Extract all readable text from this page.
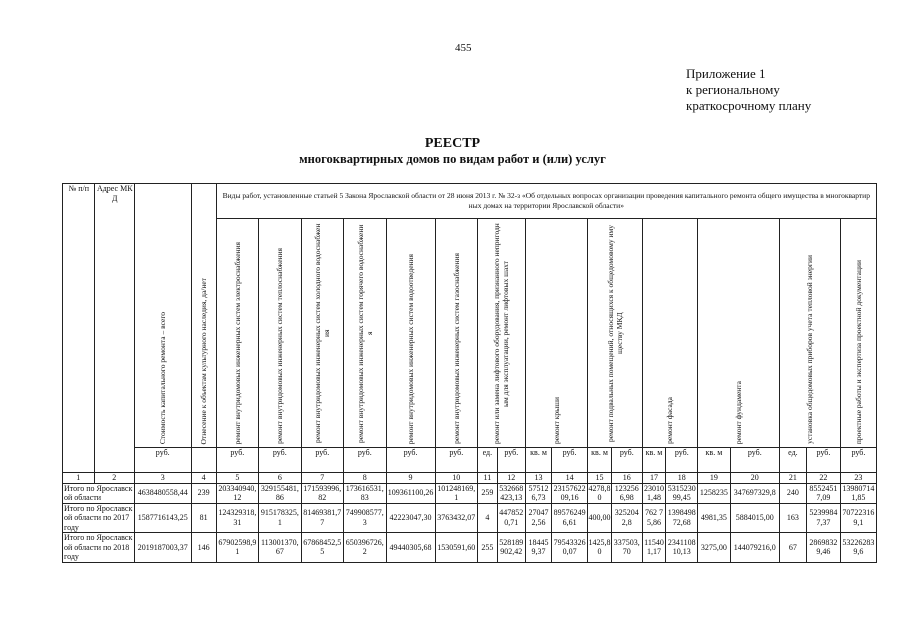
455
Приложение 1
к региональному
краткосрочному плану
РЕЕСТР
многоквартирных домов по видам работ и (или) услуг
№ п/п	Адрес МКД	Стоимость капитального ремонта – всего	Отнесение к объектам культурного наследия, да/нет	Виды работ, установленные статьей 5 Закона Ярославской области от 28 июня 2013 г. № 32-з «Об отдельных вопросах организации проведения капитального ремонта общего имущества в многоквартирных домах на территории Ярославской области»																		
				ремонт внутридомовых инженерных систем электроснабжения	ремонт внутридомовых инженерных систем теплоснабжения	ремонт внутридомовых инженерных систем холодного водоснабжения	ремонт внутридомовых инженерных систем горячего водоснабжения	ремонт внутридомовых инженерных систем водоотведения	ремонт внутридомовых инженерных систем газоснабжения	ремонт или замена лифтового оборудования, признанного непригодным для эксплуатации, ремонт лифтовых шахт		ремонт крыши		ремонт подвальных помещений, относящихся к общедомовому имуществу МКД		ремонт фасада		ремонт фундамента		установка общедомовых приборов учета тепловой энергии		проектные работы и экспертиза проектной документации
		руб.		руб.	руб.	руб.	руб.	руб.	руб.	ед.	руб.	кв. м	руб.	кв. м	руб.	кв. м	руб.	кв. м	руб.	ед.	руб.	руб.
1	2	3	4	5	6	7	8	9	10	11	12	13	14	15	16	17	18	19	20	21	22	23
Итого по Ярославской области		4638480558,44	239	203340940,12	329155481,86	171593996,82	173616531,83	109361100,26	101248169,1	259	532668423,13	575126,73	2315762209,16	4278,80	1232566,98	230101,48	531523099,45	1258235	347697329,8	240	85524517,09	139807141,85
Итого по Ярославской области по 2017 году		1587716143,25	81	124329318,31	915178325,1	81469381,77	749908577,3	42223047,30	3763432,07	4	4478520,71	270472,56	895762496,61	400,00	3252042,8	762 75,86	139849872,68	4981,35	5884015,00	163	52399847,37	707223169,1
Итого по Ярославской области по 2018 году		2019187003,37	146	67902598,91	113001370,67	67868452,55	650396726,2	49440305,68	1530591,60	255	528189902,42	184459,37	795433260,07	1425,80	337503,70	115401,17	234110810,13	3275,00	144079216,0	67	28698329,46	532262839,6
